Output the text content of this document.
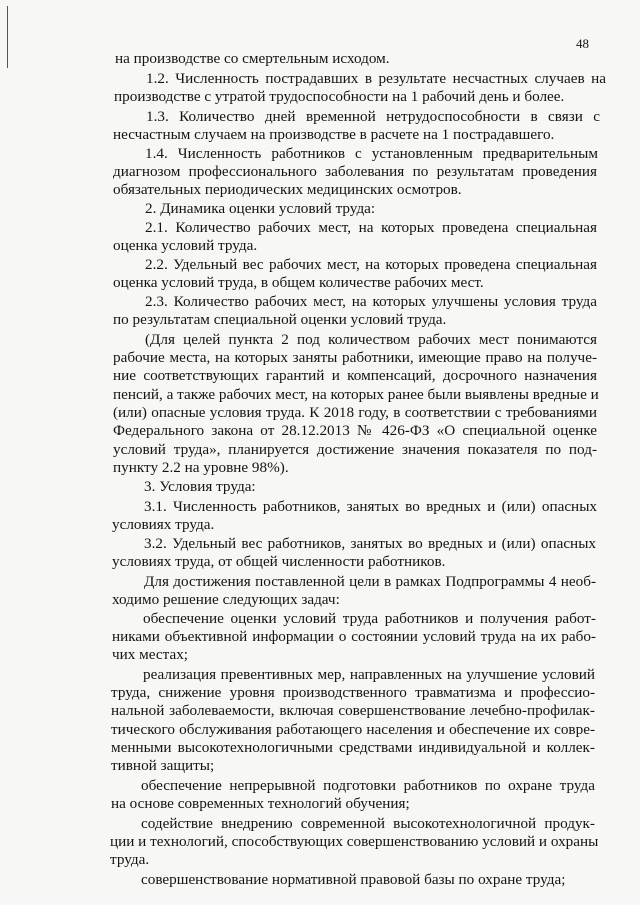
48
на производстве со смертельным исходом.
1.2. Численность пострадавших в результате несчастных случаев на
производстве с утратой трудоспособности на 1 рабочий день и более.
1.3. Количество дней временной нетрудоспособности в связи с
несчастным случаем на производстве в расчете на 1 пострадавшего.
1.4. Численность работников с установленным предварительным
диагнозом профессионального заболевания по результатам проведения
обязательных периодических медицинских осмотров.
2. Динамика оценки условий труда:
2.1. Количество рабочих мест, на которых проведена специальная
оценка условий труда.
2.2. Удельный вес рабочих мест, на которых проведена специальная
оценка условий труда, в общем количестве рабочих мест.
2.3. Количество рабочих мест, на которых улучшены условия труда
по результатам специальной оценки условий труда.
(Для целей пункта 2 под количеством рабочих мест понимаются
рабочие места, на которых заняты работники, имеющие право на получе-
ние соответствующих гарантий и компенсаций, досрочного назначения
пенсий, а также рабочих мест, на которых ранее были выявлены вредные и
(или) опасные условия труда. К 2018 году, в соответствии с требованиями
Федерального закона от 28.12.2013 № 426-ФЗ «О специальной оценке
условий труда», планируется достижение значения показателя по под-
пункту 2.2 на уровне 98%).
3. Условия труда:
3.1. Численность работников, занятых во вредных и (или) опасных
условиях труда.
3.2. Удельный вес работников, занятых во вредных и (или) опасных
условиях труда, от общей численности работников.
Для достижения поставленной цели в рамках Подпрограммы 4 необ-
ходимо решение следующих задач:
обеспечение оценки условий труда работников и получения работ-
никами объективной информации о состоянии условий труда на их рабо-
чих местах;
реализация превентивных мер, направленных на улучшение условий
труда, снижение уровня производственного травматизма и профессио-
нальной заболеваемости, включая совершенствование лечебно-профилак-
тического обслуживания работающего населения и обеспечение их совре-
менными высокотехнологичными средствами индивидуальной и коллек-
тивной защиты;
обеспечение непрерывной подготовки работников по охране труда
на основе современных технологий обучения;
содействие внедрению современной высокотехнологичной продук-
ции и технологий, способствующих совершенствованию условий и охраны
труда.
совершенствование нормативной правовой базы по охране труда;
